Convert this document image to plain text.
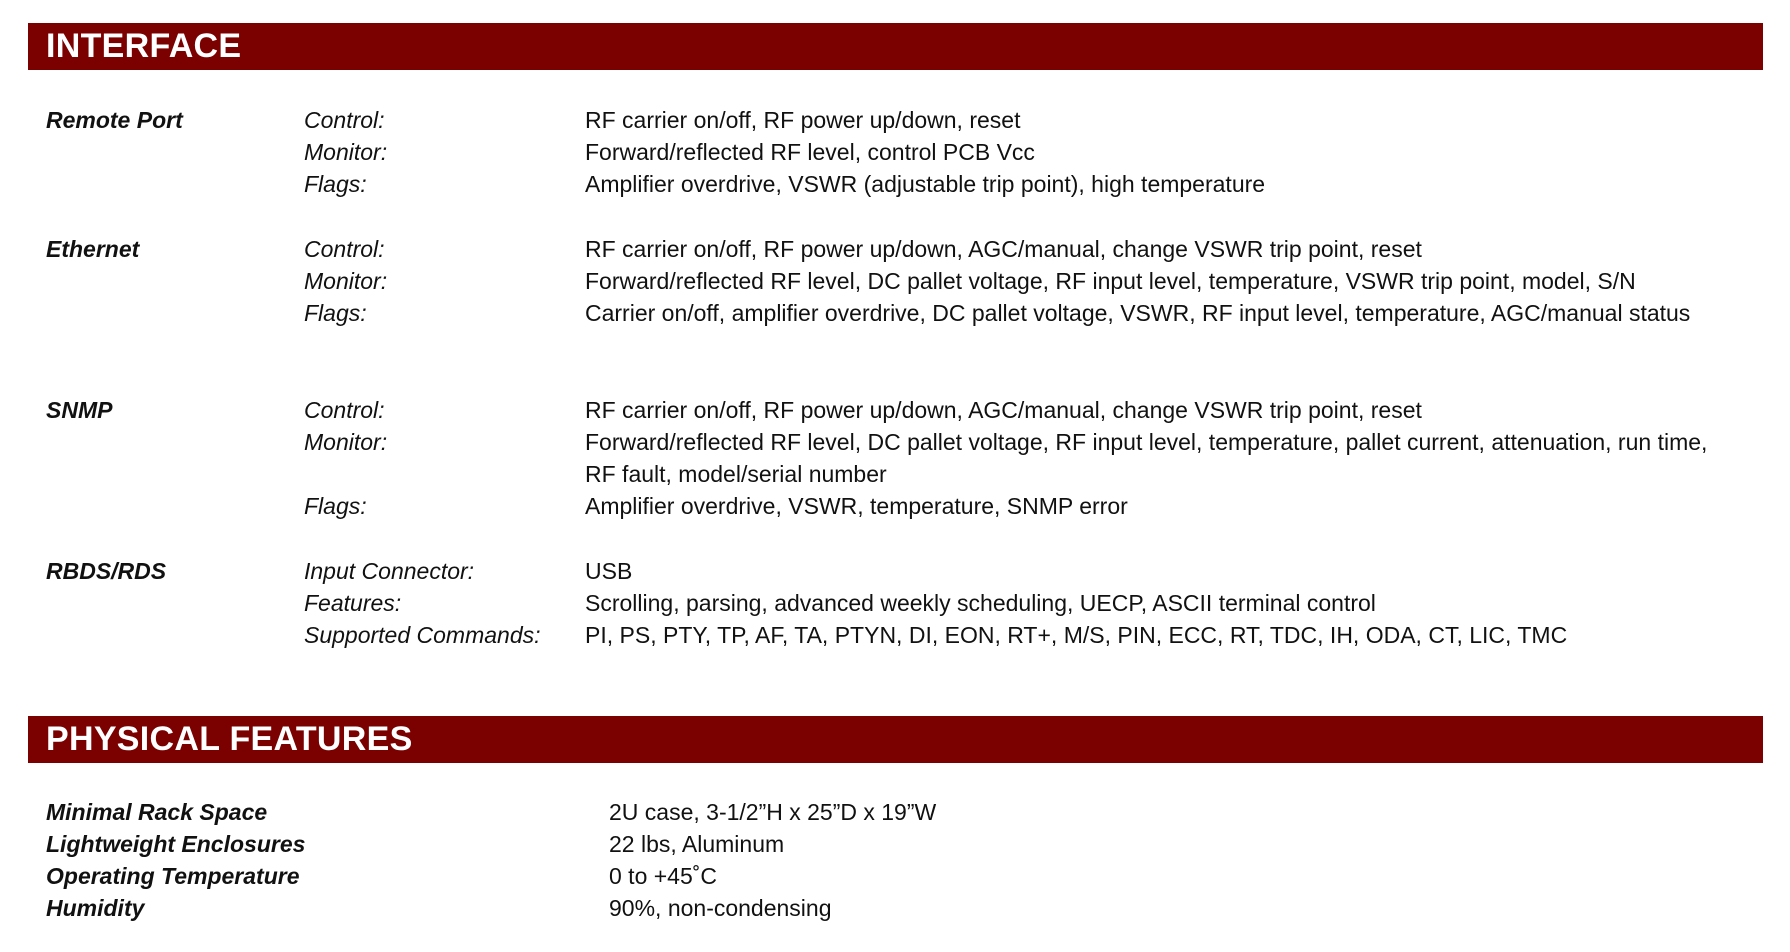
INTERFACE
Remote Port	Control:	RF carrier on/off, RF power up/down, reset
Monitor:	Forward/reflected RF level, control PCB Vcc
Flags:	Amplifier overdrive, VSWR (adjustable trip point), high temperature
Ethernet	Control:	RF carrier on/off, RF power up/down, AGC/manual, change VSWR trip point, reset
Monitor:	Forward/reflected RF level, DC pallet voltage, RF input level, temperature, VSWR trip point, model, S/N
Flags:	Carrier on/off, amplifier overdrive, DC pallet voltage, VSWR, RF input level, temperature, AGC/manual status
SNMP	Control:	RF carrier on/off, RF power up/down, AGC/manual, change VSWR trip point, reset
Monitor:	Forward/reflected RF level, DC pallet voltage, RF input level, temperature, pallet current, attenuation, run time, RF fault, model/serial number
Flags:	Amplifier overdrive, VSWR, temperature, SNMP error
RBDS/RDS	Input Connector:	USB
Features:	Scrolling, parsing, advanced weekly scheduling, UECP, ASCII terminal control
Supported Commands:	PI, PS, PTY, TP, AF, TA, PTYN, DI, EON, RT+, M/S, PIN, ECC, RT, TDC, IH, ODA, CT, LIC, TMC
PHYSICAL FEATURES
Minimal Rack Space	2U case, 3-1/2”H x 25”D x 19”W
Lightweight Enclosures	22 lbs, Aluminum
Operating Temperature	0 to +45˚C
Humidity	90%, non-condensing
